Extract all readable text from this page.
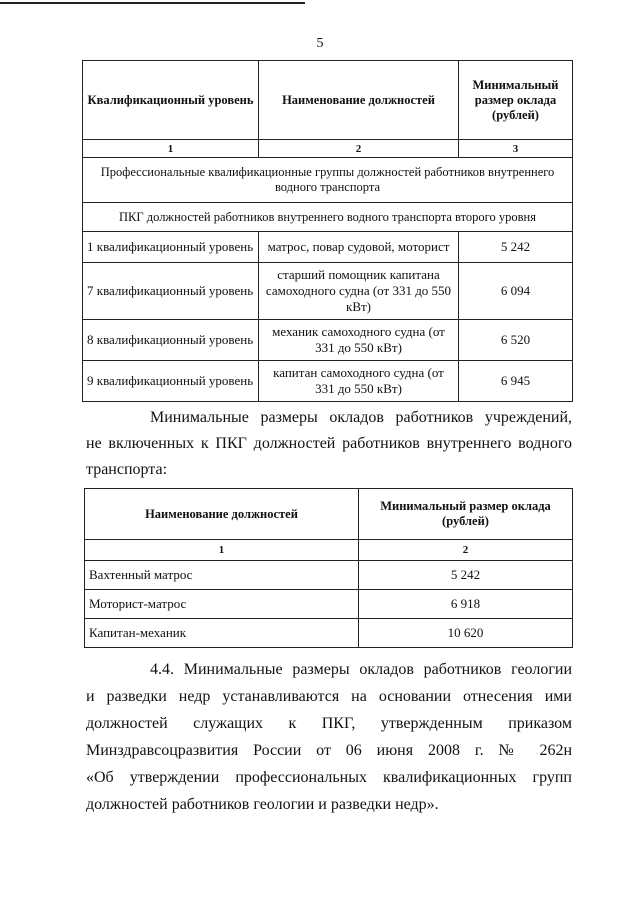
5
Квалификационный уровень	Наименование должностей	Минимальный размер оклада (рублей)
1	2	3
Профессиональные квалификационные группы должностей работников внутреннего водного транспорта		
ПКГ должностей работников внутреннего водного транспорта второго уровня		
1 квалификационный уровень	матрос, повар судовой, моторист	5 242
7 квалификационный уровень	старший помощник капитана самоходного судна (от 331 до 550 кВт)	6 094
8 квалификационный уровень	механик самоходного судна (от 331 до 550 кВт)	6 520
9 квалификационный уровень	капитан самоходного судна (от 331 до 550 кВт)	6 945
Минимальные размеры окладов работников учреждений,
не включенных к ПКГ должностей работников внутреннего водного
транспорта:
Наименование должностей	Минимальный размер оклада (рублей)
1	2
Вахтенный матрос	5 242
Моторист-матрос	6 918
Капитан-механик	10 620
4.4. Минимальные размеры окладов работников геологии
и разведки недр устанавливаются на основании отнесения ими
должностей служащих к ПКГ, утвержденным приказом
Минздравсоцразвития России от 06 июня 2008 г. № 262н
«Об утверждении профессиональных квалификационных групп
должностей работников геологии и разведки недр».
